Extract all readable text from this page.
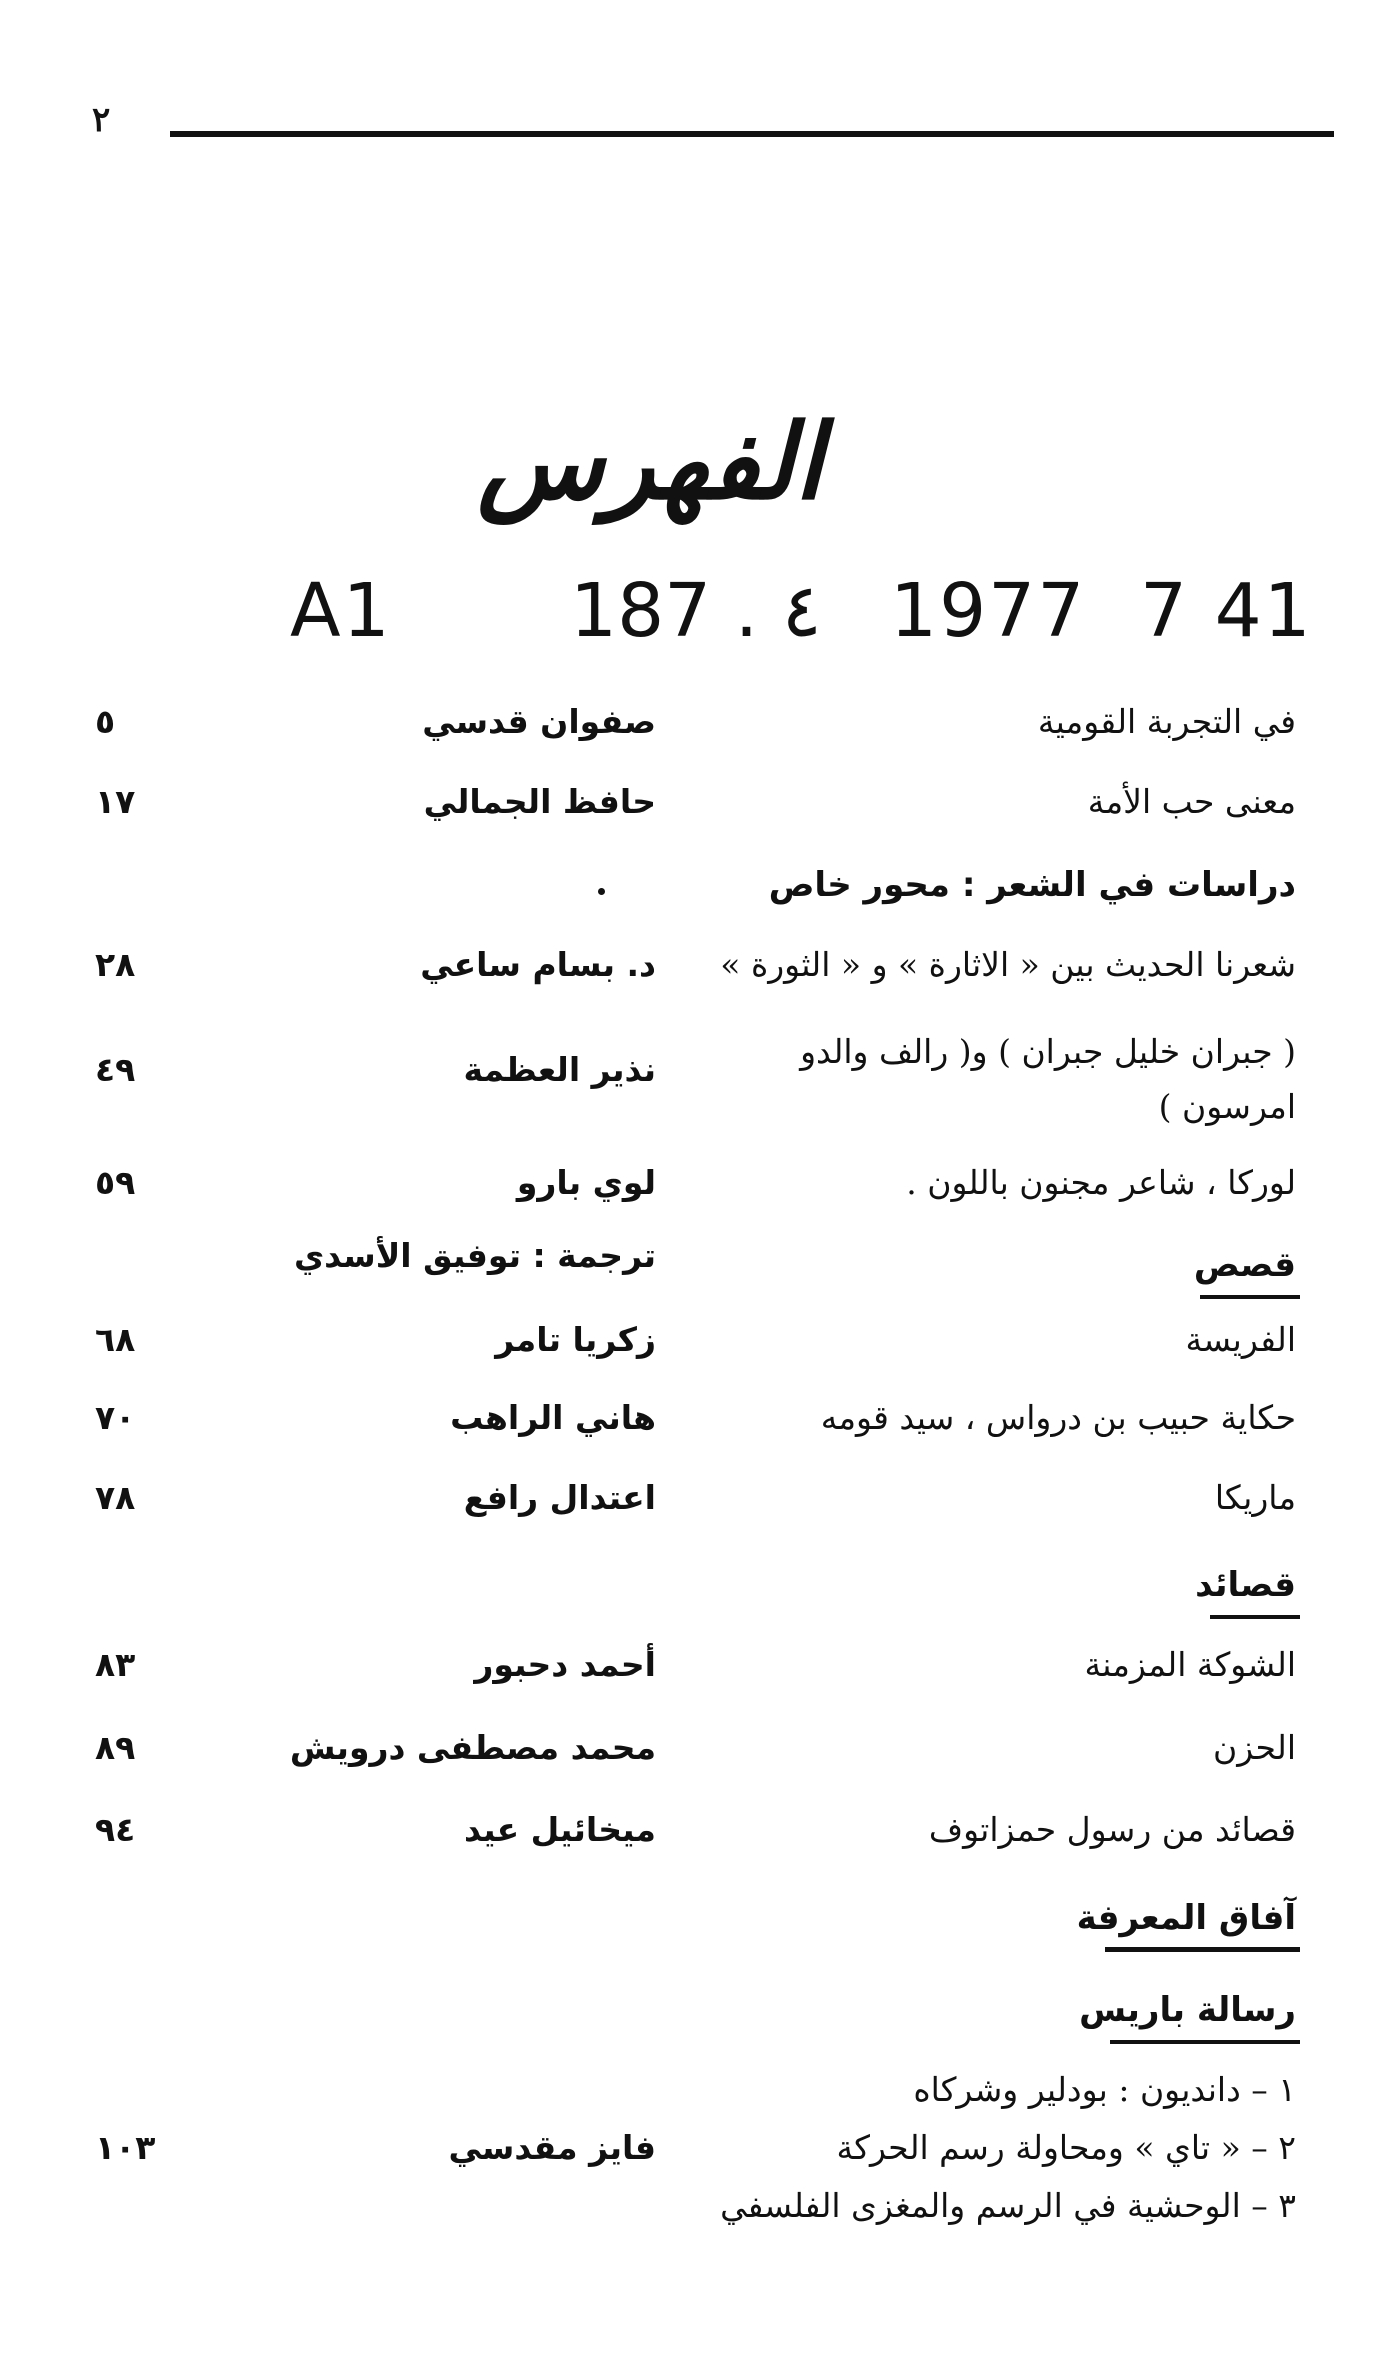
٢
الفهرس
A1 187 . ٤ 1977 7 41
في التجربة القومية
صفوان قدسي
٥
معنى حب الأمة
حافظ الجمالي
١٧
دراسات في الشعر : محور خاص
شعرنا الحديث بين « الاثارة » و « الثورة »
د. بسام ساعي
٢٨
( جبران خليل جبران ) و( رالف والدو
امرسون )
نذير العظمة
٤٩
لوركا ، شاعر مجنون باللون .
لوي بارو
٥٩
ترجمة : توفيق الأسدي	قصص
الفريسة
زكريا تامر
٦٨
حكاية حبيب بن درواس ، سيد قومه
هاني الراهب
٧٠
ماريكا
اعتدال رافع
٧٨
قصائد
الشوكة المزمنة
أحمد دحبور
٨٣
الحزن
محمد مصطفى درويش
٨٩
قصائد من رسول حمزاتوف
ميخائيل عيد
٩٤
آفاق المعرفة
رسالة باريس
١ – دانديون : بودلير وشركاه
٢ – « تاي » ومحاولة رسم الحركة
فايز مقدسي
١٠٣
٣ – الوحشية في الرسم والمغزى الفلسفي
